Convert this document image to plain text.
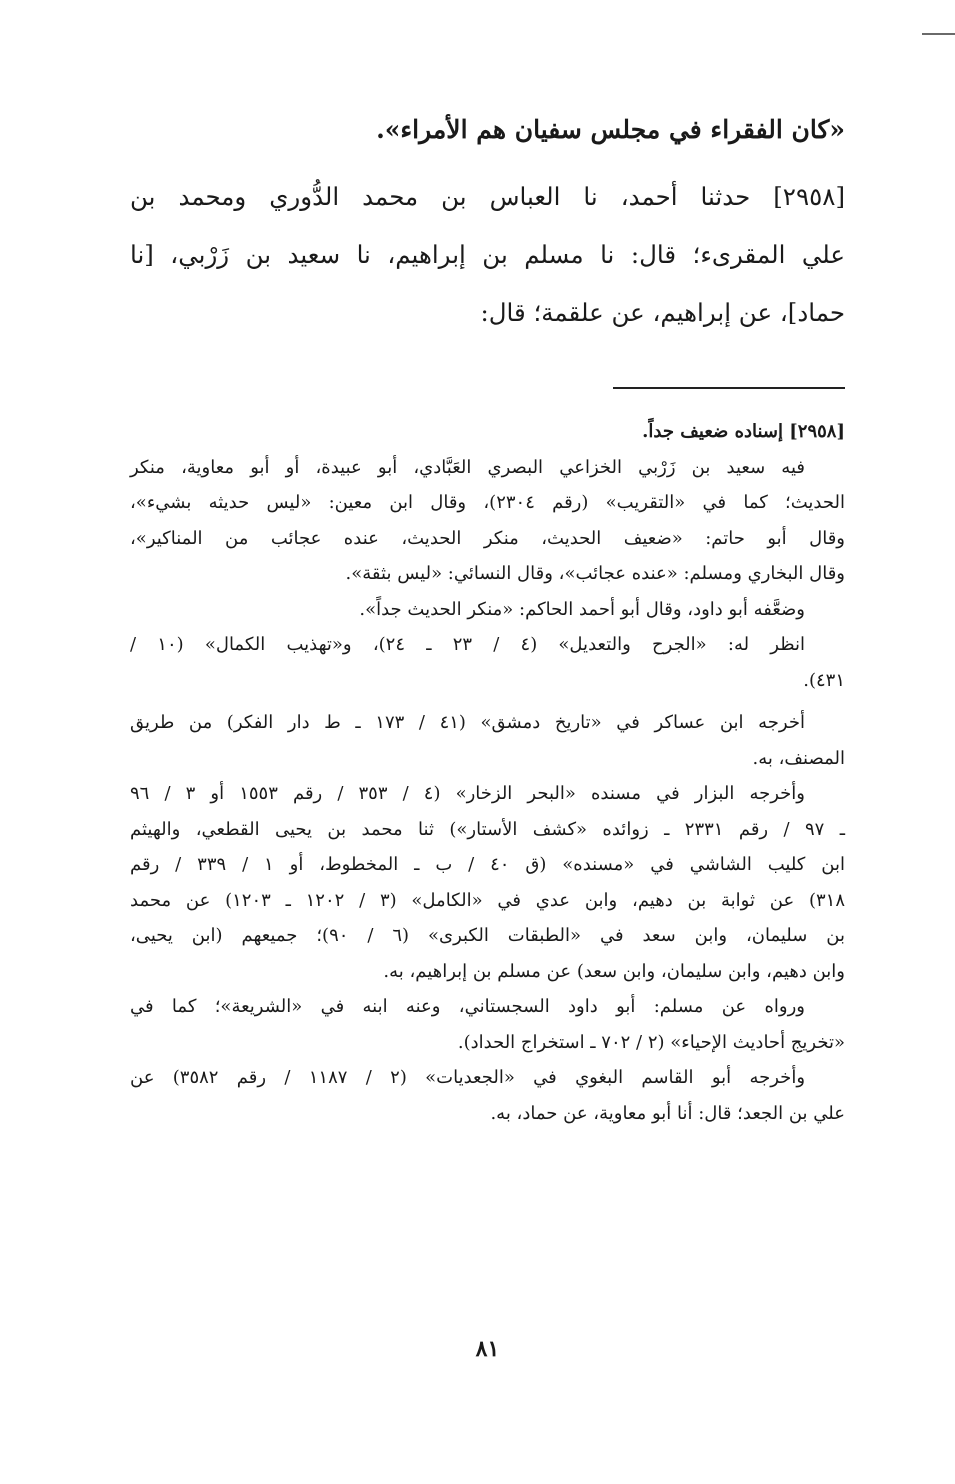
«كان الفقراء في مجلس سفيان هم الأمراء».
[٢٩٥٨] حدثنا أحمد، نا العباس بن محمد الدُّوري ومحمد بن
علي المقرىء؛ قال: نا مسلم بن إبراهيم، نا سعيد بن زَرْبي، [نا
حماد]، عن إبراهيم، عن علقمة؛ قال:
[٢٩٥٨] إسناده ضعيف جداً.
فيه سعيد بن زَرْبي الخزاعي البصري العَبَّادي، أبو عبيدة، أو أبو معاوية، منكر
الحديث؛ كما في «التقريب» (رقم ٢٣٠٤)، وقال ابن معين: «ليس حديثه بشيء»،
وقال أبو حاتم: «ضعيف الحديث، منكر الحديث، عنده عجائب من المناكير»،
وقال البخاري ومسلم: «عنده عجائب»، وقال النسائي: «ليس بثقة».
وضعَّفه أبو داود، وقال أبو أحمد الحاكم: «منكر الحديث جداً».
انظر له: «الجرح والتعديل» (٤ / ٢٣ ـ ٢٤)، و«تهذيب الكمال» (١٠ /
٤٣١).
أخرجه ابن عساكر في «تاريخ دمشق» (٤١ / ١٧٣ ـ ط دار الفكر) من طريق
المصنف، به.
وأخرجه البزار في مسنده «البحر الزخار» (٤ / ٣٥٣ / رقم ١٥٥٣ أو ٣ / ٩٦
ـ ٩٧ / رقم ٢٣٣١ ـ زوائده «كشف الأستار») ثنا محمد بن يحيى القطعي، والهيثم
ابن كليب الشاشي في «مسنده» (ق ٤٠ / ب ـ المخطوط، أو ١ / ٣٣٩ / رقم
٣١٨) عن ثوابة بن دهيم، وابن عدي في «الكامل» (٣ / ١٢٠٢ ـ ١٢٠٣) عن محمد
بن سليمان، وابن سعد في «الطبقات الكبرى» (٦ / ٩٠)؛ جميعهم (ابن يحيى،
وابن دهيم، وابن سليمان، وابن سعد) عن مسلم بن إبراهيم، به.
ورواه عن مسلم: أبو داود السجستاني، وعنه ابنه في «الشريعة»؛ كما في
«تخريج أحاديث الإحياء» (٢ / ٧٠٢ ـ استخراج الحداد).
وأخرجه أبو القاسم البغوي في «الجعديات» (٢ / ١١٨٧ / رقم ٣٥٨٢) عن
علي بن الجعد؛ قال: أنا أبو معاوية، عن حماد، به.
٨١
